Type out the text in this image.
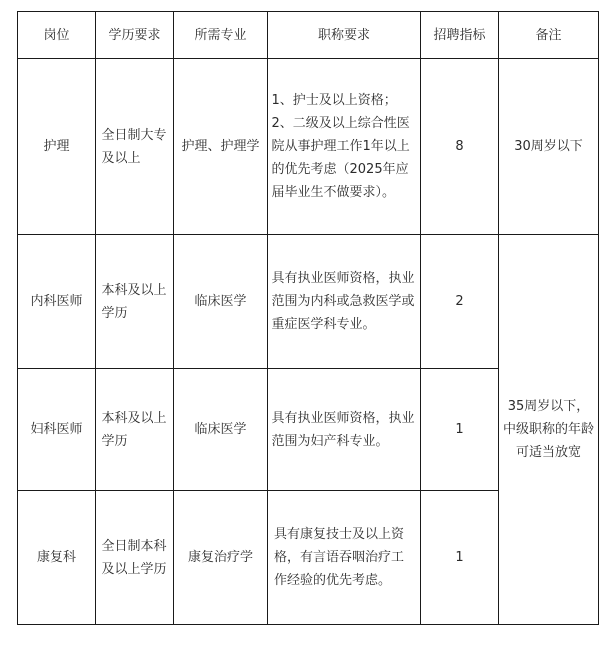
岗位	学历要求	所需专业	职称要求	招聘指标	备注

护理	全日制大专及以上	护理、护理学	1、护士及以上资格；2、二级及以上综合性医院从事护理工作1年以上的优先考虑（2025年应届毕业生不做要求）。	8	30周岁以下

内科医师	本科及以上学历	临床医学	具有执业医师资格，执业范围为内科或急救医学或重症医学科专业。	2	35周岁以下，中级职称的年龄可适当放宽

妇科医师	本科及以上学历	临床医学	具有执业医师资格，执业范围为妇产科专业。	1	

康复科	全日制本科及以上学历	康复治疗学	具有康复技士及以上资格，有言语吞咽治疗工作经验的优先考虑。	1	
